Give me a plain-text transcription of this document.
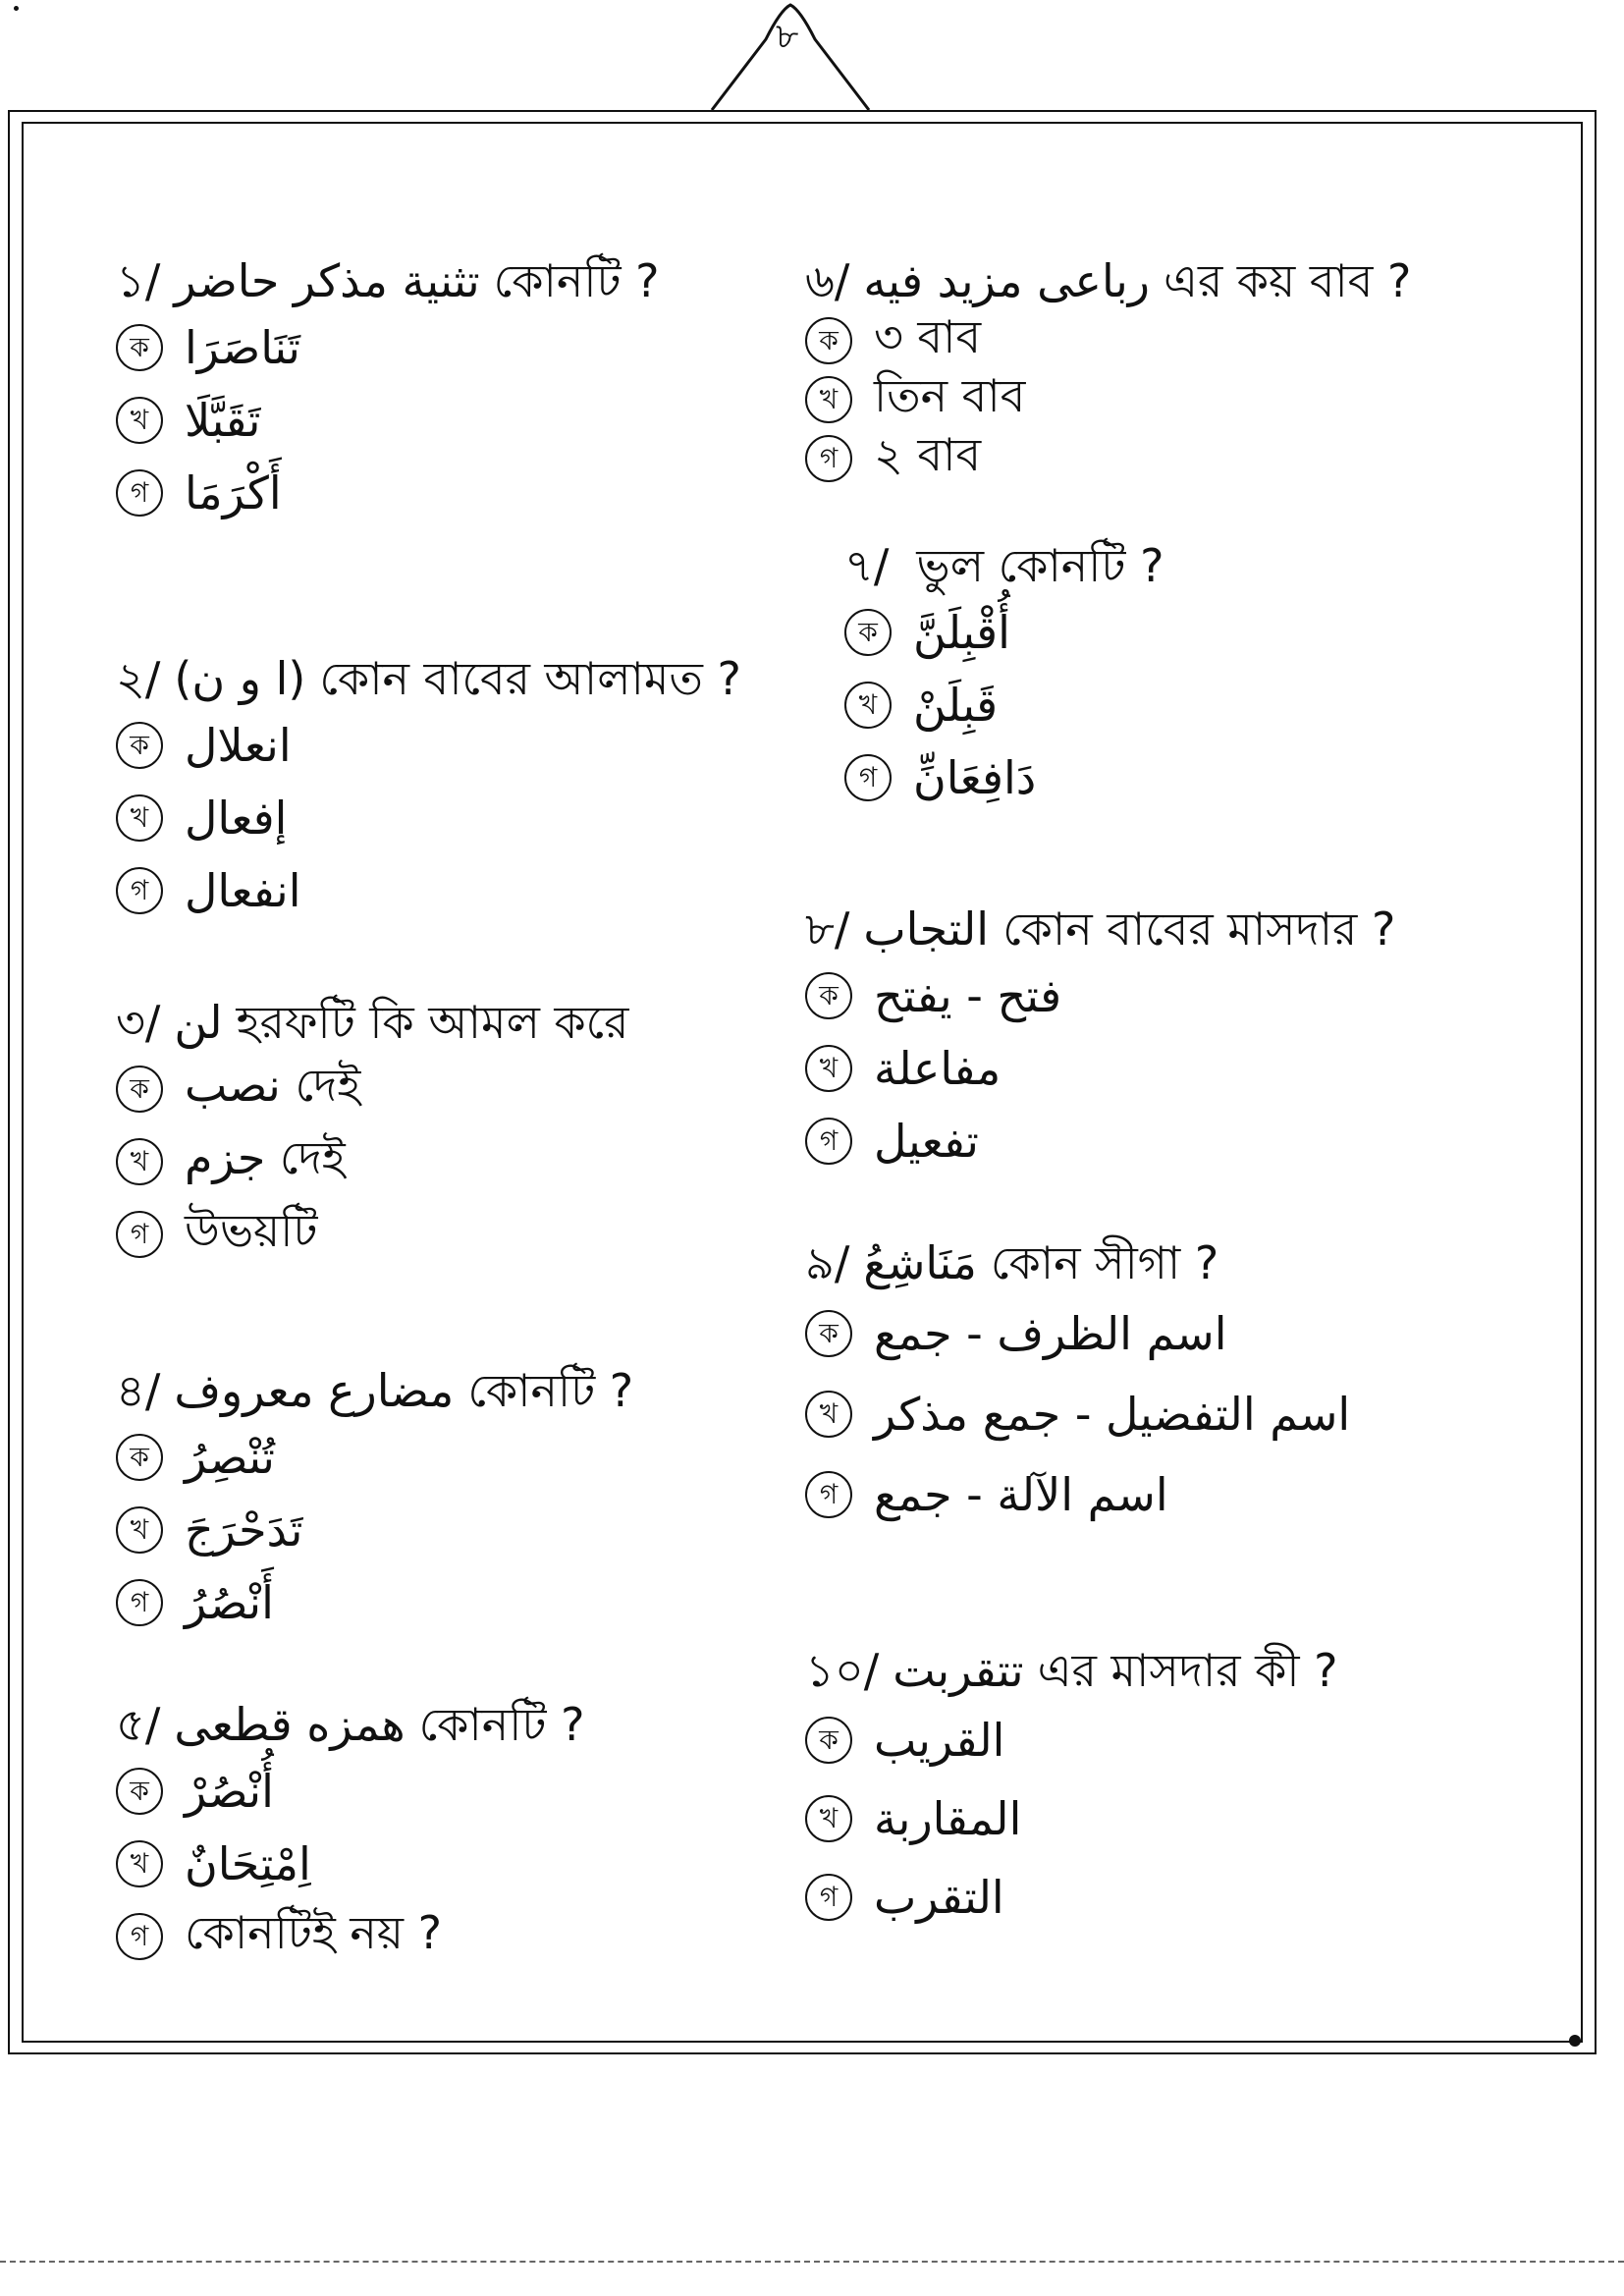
৮
১/ تثنية مذكر حاضر কোনটি ?
ক تَنَاصَرَا
খ تَقَبَّلَا
গ أَكْرَمَا
২/ (ا و ن) কোন বাবের আলামত ?
ক انعلال
খ إفعال
গ انفعال
৩/ لن হরফটি কি আমল করে
ক نصب দেই
খ جزم দেই
গ উভয়টি
৪/ مضارع معروف কোনটি ?
ক تُنْصِرُ
খ تَدَحْرَجَ
গ أَنْصُرُ
৫/ همزه قطعى কোনটি ?
ক أُنْصُرْ
খ اِمْتِحَانٌ
গ কোনটিই নয় ?
৬/ رباعى مزيد فيه এর কয় বাব ?
ক ৩ বাব
খ তিন বাব
গ ২ বাব
৭/ ভুল কোনটি ?
ক أُقْبِلَنَّ
খ قَبِلَنْ
গ دَافِعَانِّ
৮/ التجاب কোন বাবের মাসদার ?
ক فتح - يفتح
খ مفاعلة
গ تفعيل
৯/ مَنَاشِعُ কোন সীগা ?
ক اسم الظرف - جمع
খ اسم التفضيل - جمع مذكر
গ اسم الآلة - جمع
১০/ تتقربت এর মাসদার কী ?
ক القريب
খ المقاربة
গ التقرب
